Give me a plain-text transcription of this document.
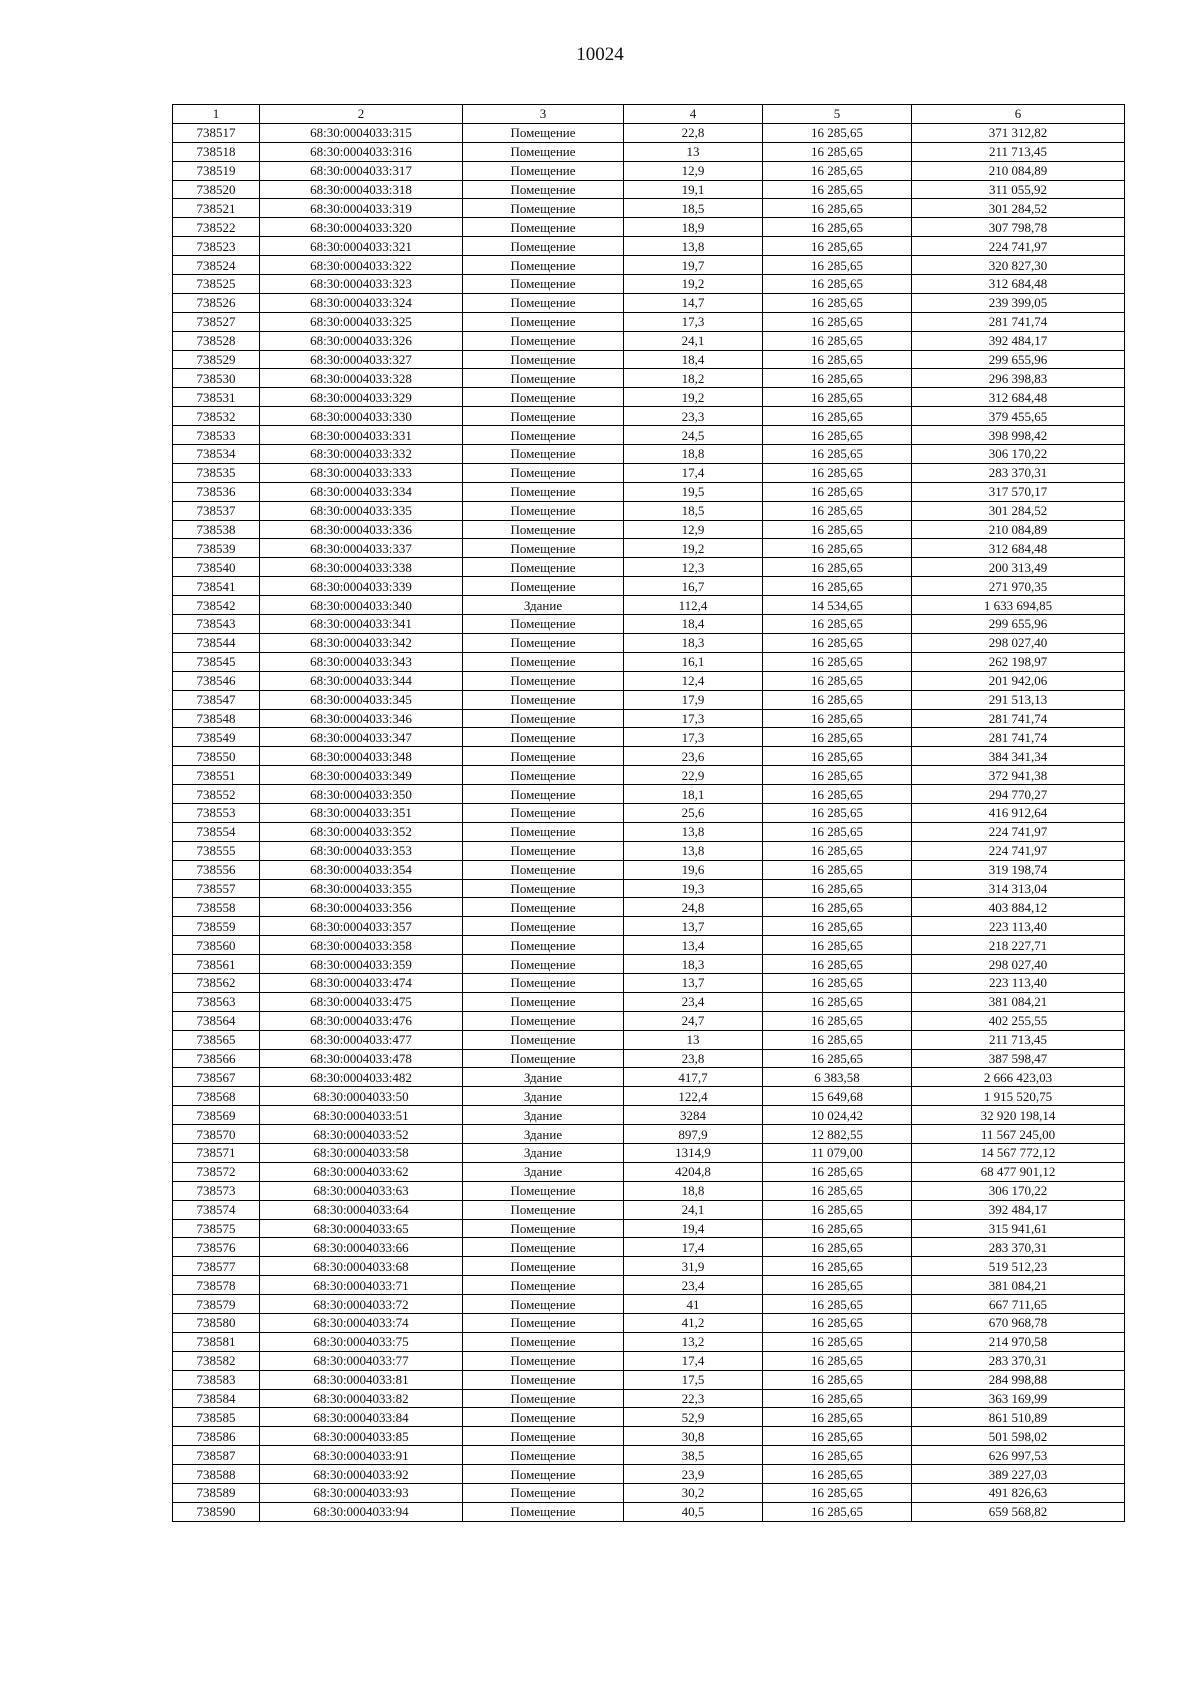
10024
1	2	3	4	5	6
738517	68:30:0004033:315	Помещение	22,8	16 285,65	371 312,82
738518	68:30:0004033:316	Помещение	13	16 285,65	211 713,45
738519	68:30:0004033:317	Помещение	12,9	16 285,65	210 084,89
738520	68:30:0004033:318	Помещение	19,1	16 285,65	311 055,92
738521	68:30:0004033:319	Помещение	18,5	16 285,65	301 284,52
738522	68:30:0004033:320	Помещение	18,9	16 285,65	307 798,78
738523	68:30:0004033:321	Помещение	13,8	16 285,65	224 741,97
738524	68:30:0004033:322	Помещение	19,7	16 285,65	320 827,30
738525	68:30:0004033:323	Помещение	19,2	16 285,65	312 684,48
738526	68:30:0004033:324	Помещение	14,7	16 285,65	239 399,05
738527	68:30:0004033:325	Помещение	17,3	16 285,65	281 741,74
738528	68:30:0004033:326	Помещение	24,1	16 285,65	392 484,17
738529	68:30:0004033:327	Помещение	18,4	16 285,65	299 655,96
738530	68:30:0004033:328	Помещение	18,2	16 285,65	296 398,83
738531	68:30:0004033:329	Помещение	19,2	16 285,65	312 684,48
738532	68:30:0004033:330	Помещение	23,3	16 285,65	379 455,65
738533	68:30:0004033:331	Помещение	24,5	16 285,65	398 998,42
738534	68:30:0004033:332	Помещение	18,8	16 285,65	306 170,22
738535	68:30:0004033:333	Помещение	17,4	16 285,65	283 370,31
738536	68:30:0004033:334	Помещение	19,5	16 285,65	317 570,17
738537	68:30:0004033:335	Помещение	18,5	16 285,65	301 284,52
738538	68:30:0004033:336	Помещение	12,9	16 285,65	210 084,89
738539	68:30:0004033:337	Помещение	19,2	16 285,65	312 684,48
738540	68:30:0004033:338	Помещение	12,3	16 285,65	200 313,49
738541	68:30:0004033:339	Помещение	16,7	16 285,65	271 970,35
738542	68:30:0004033:340	Здание	112,4	14 534,65	1 633 694,85
738543	68:30:0004033:341	Помещение	18,4	16 285,65	299 655,96
738544	68:30:0004033:342	Помещение	18,3	16 285,65	298 027,40
738545	68:30:0004033:343	Помещение	16,1	16 285,65	262 198,97
738546	68:30:0004033:344	Помещение	12,4	16 285,65	201 942,06
738547	68:30:0004033:345	Помещение	17,9	16 285,65	291 513,13
738548	68:30:0004033:346	Помещение	17,3	16 285,65	281 741,74
738549	68:30:0004033:347	Помещение	17,3	16 285,65	281 741,74
738550	68:30:0004033:348	Помещение	23,6	16 285,65	384 341,34
738551	68:30:0004033:349	Помещение	22,9	16 285,65	372 941,38
738552	68:30:0004033:350	Помещение	18,1	16 285,65	294 770,27
738553	68:30:0004033:351	Помещение	25,6	16 285,65	416 912,64
738554	68:30:0004033:352	Помещение	13,8	16 285,65	224 741,97
738555	68:30:0004033:353	Помещение	13,8	16 285,65	224 741,97
738556	68:30:0004033:354	Помещение	19,6	16 285,65	319 198,74
738557	68:30:0004033:355	Помещение	19,3	16 285,65	314 313,04
738558	68:30:0004033:356	Помещение	24,8	16 285,65	403 884,12
738559	68:30:0004033:357	Помещение	13,7	16 285,65	223 113,40
738560	68:30:0004033:358	Помещение	13,4	16 285,65	218 227,71
738561	68:30:0004033:359	Помещение	18,3	16 285,65	298 027,40
738562	68:30:0004033:474	Помещение	13,7	16 285,65	223 113,40
738563	68:30:0004033:475	Помещение	23,4	16 285,65	381 084,21
738564	68:30:0004033:476	Помещение	24,7	16 285,65	402 255,55
738565	68:30:0004033:477	Помещение	13	16 285,65	211 713,45
738566	68:30:0004033:478	Помещение	23,8	16 285,65	387 598,47
738567	68:30:0004033:482	Здание	417,7	6 383,58	2 666 423,03
738568	68:30:0004033:50	Здание	122,4	15 649,68	1 915 520,75
738569	68:30:0004033:51	Здание	3284	10 024,42	32 920 198,14
738570	68:30:0004033:52	Здание	897,9	12 882,55	11 567 245,00
738571	68:30:0004033:58	Здание	1314,9	11 079,00	14 567 772,12
738572	68:30:0004033:62	Здание	4204,8	16 285,65	68 477 901,12
738573	68:30:0004033:63	Помещение	18,8	16 285,65	306 170,22
738574	68:30:0004033:64	Помещение	24,1	16 285,65	392 484,17
738575	68:30:0004033:65	Помещение	19,4	16 285,65	315 941,61
738576	68:30:0004033:66	Помещение	17,4	16 285,65	283 370,31
738577	68:30:0004033:68	Помещение	31,9	16 285,65	519 512,23
738578	68:30:0004033:71	Помещение	23,4	16 285,65	381 084,21
738579	68:30:0004033:72	Помещение	41	16 285,65	667 711,65
738580	68:30:0004033:74	Помещение	41,2	16 285,65	670 968,78
738581	68:30:0004033:75	Помещение	13,2	16 285,65	214 970,58
738582	68:30:0004033:77	Помещение	17,4	16 285,65	283 370,31
738583	68:30:0004033:81	Помещение	17,5	16 285,65	284 998,88
738584	68:30:0004033:82	Помещение	22,3	16 285,65	363 169,99
738585	68:30:0004033:84	Помещение	52,9	16 285,65	861 510,89
738586	68:30:0004033:85	Помещение	30,8	16 285,65	501 598,02
738587	68:30:0004033:91	Помещение	38,5	16 285,65	626 997,53
738588	68:30:0004033:92	Помещение	23,9	16 285,65	389 227,03
738589	68:30:0004033:93	Помещение	30,2	16 285,65	491 826,63
738590	68:30:0004033:94	Помещение	40,5	16 285,65	659 568,82
